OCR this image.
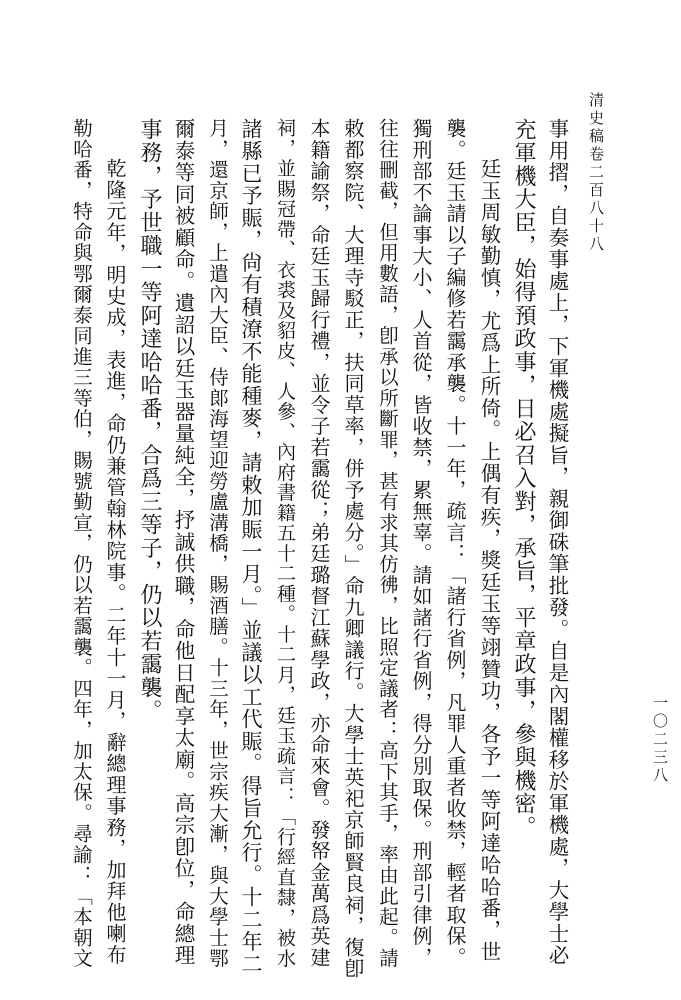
清史稿卷二百八十八
一〇二三八
事用摺，自奏事處上，下軍機處擬旨，親御硃筆批發。自是內閣權移於軍機處，大學士必
充軍機大臣，始得預政事，日必召入對，承旨，平章政事，參與機密。
廷玉周敏勤慎，尤爲上所倚。上偶有疾，獎廷玉等翊贊功，各予一等阿達哈哈番，世
襲。廷玉請以子編修若靄承襲。十一年，疏言：「諸行省例，凡罪人重者收禁，輕者取保。
獨刑部不論事大小、人首從，皆收禁，累無辜。請如諸行省例，得分別取保。刑部引律例，
往往刪截，但用數語，卽承以所斷罪，甚有求其仿彿，比照定議者：高下其手，率由此起。請
敕都察院、大理寺駁正，扶同草率，併予處分。」命九卿議行。大學士英祀京師賢良祠，復卽
本籍諭祭，命廷玉歸行禮，並令子若靄從；弟廷璐督江蘇學政，亦命來會。發帑金萬爲英建
祠，並賜冠帶、衣裘及貂皮、人參、內府書籍五十二種。十二月，廷玉疏言：「行經直隸，被水
諸縣已予賑，尙有積潦不能種麥，請敕加賑一月。」並議以工代賑。得旨允行。十二年二
月，還京師，上遣內大臣、侍郞海望迎勞盧溝橋，賜酒膳。十三年，世宗疾大漸，與大學士鄂
爾泰等同被顧命。遺詔以廷玉器量純全，抒誠供職，命他日配享太廟。高宗卽位，命總理
事務，予世職一等阿達哈哈番，合爲三等子，仍以若靄襲。
乾隆元年，明史成，表進，命仍兼管翰林院事。二年十一月，辭總理事務，加拜他喇布
勒哈番，特命與鄂爾泰同進三等伯，賜號勤宣，仍以若靄襲。四年，加太保。尋諭：「本朝文
